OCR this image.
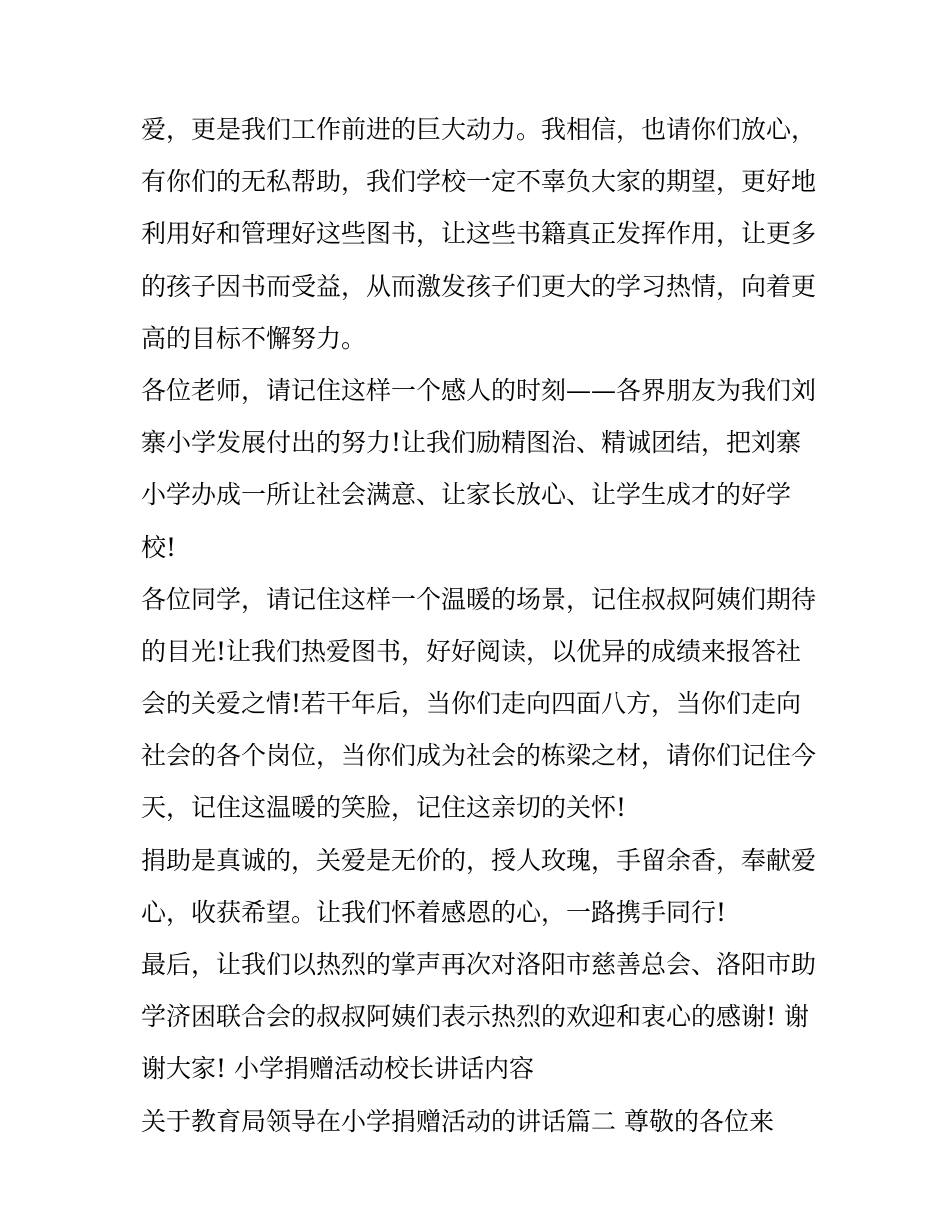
爱，更是我们工作前进的巨大动力。我相信，也请你们放心，
有你们的无私帮助，我们学校一定不辜负大家的期望，更好地
利用好和管理好这些图书，让这些书籍真正发挥作用，让更多
的孩子因书而受益，从而激发孩子们更大的学习热情，向着更
高的目标不懈努力。
各位老师，请记住这样一个感人的时刻——各界朋友为我们刘
寨小学发展付出的努力!让我们励精图治、精诚团结，把刘寨
小学办成一所让社会满意、让家长放心、让学生成才的好学
校!
各位同学，请记住这样一个温暖的场景，记住叔叔阿姨们期待
的目光!让我们热爱图书，好好阅读，以优异的成绩来报答社
会的关爱之情!若干年后，当你们走向四面八方，当你们走向
社会的各个岗位，当你们成为社会的栋梁之材，请你们记住今
天，记住这温暖的笑脸，记住这亲切的关怀!
捐助是真诚的，关爱是无价的，授人玫瑰，手留余香，奉献爱
心，收获希望。让我们怀着感恩的心，一路携手同行!
最后，让我们以热烈的掌声再次对洛阳市慈善总会、洛阳市助
学济困联合会的叔叔阿姨们表示热烈的欢迎和衷心的感谢! 谢
谢大家! 小学捐赠活动校长讲话内容
关于教育局领导在小学捐赠活动的讲话篇二 尊敬的各位来
